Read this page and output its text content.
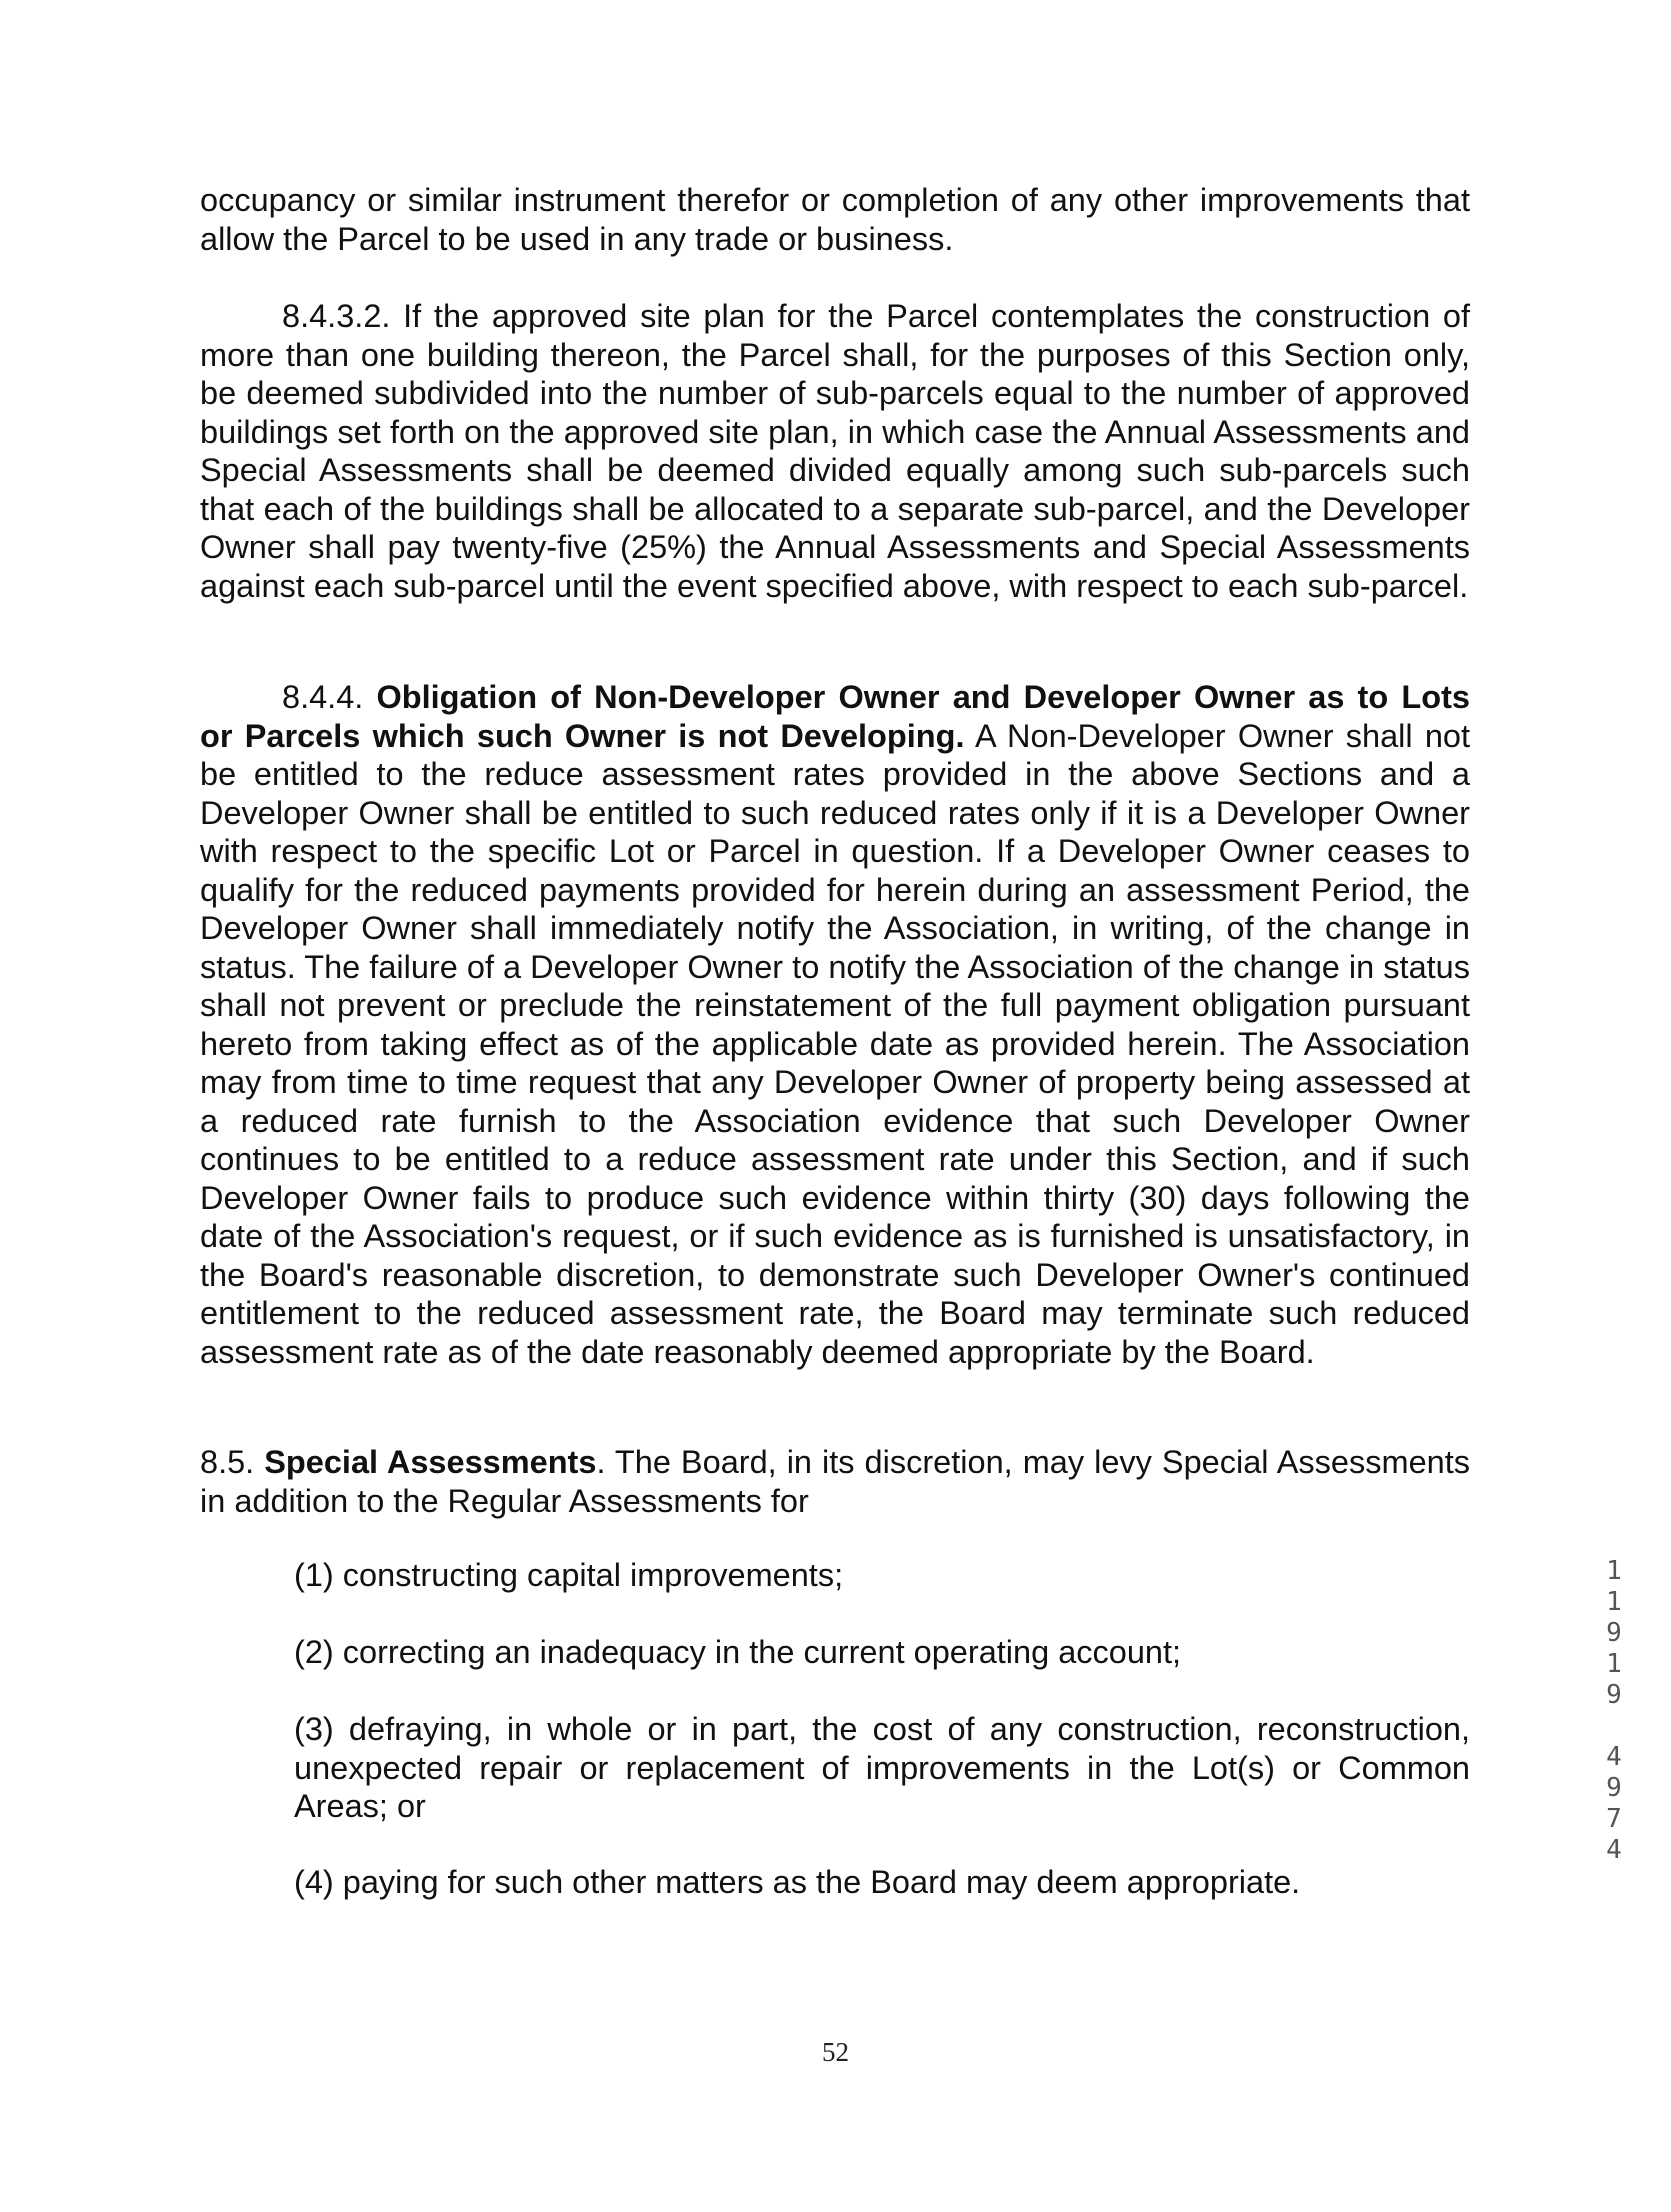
occupancy or similar instrument therefor or completion of any other improvements that allow the Parcel to be used in any trade or business.

8.4.3.2. If the approved site plan for the Parcel contemplates the construction of more than one building thereon, the Parcel shall, for the purposes of this Section only, be deemed subdivided into the number of sub-parcels equal to the number of approved buildings set forth on the approved site plan, in which case the Annual Assessments and Special Assessments shall be deemed divided equally among such sub-parcels such that each of the buildings shall be allocated to a separate sub-parcel, and the Developer Owner shall pay twenty-five (25%) the Annual Assessments and Special Assessments against each sub-parcel until the event specified above, with respect to each sub-parcel.

8.4.4. Obligation of Non-Developer Owner and Developer Owner as to Lots or Parcels which such Owner is not Developing. A Non-Developer Owner shall not be entitled to the reduce assessment rates provided in the above Sections and a Developer Owner shall be entitled to such reduced rates only if it is a Developer Owner with respect to the specific Lot or Parcel in question. If a Developer Owner ceases to qualify for the reduced payments provided for herein during an assessment Period, the Developer Owner shall immediately notify the Association, in writing, of the change in status. The failure of a Developer Owner to notify the Association of the change in status shall not prevent or preclude the reinstatement of the full payment obligation pursuant hereto from taking effect as of the applicable date as provided herein. The Association may from time to time request that any Developer Owner of property being assessed at a reduced rate furnish to the Association evidence that such Developer Owner continues to be entitled to a reduce assessment rate under this Section, and if such Developer Owner fails to produce such evidence within thirty (30) days following the date of the Association's request, or if such evidence as is furnished is unsatisfactory, in the Board's reasonable discretion, to demonstrate such Developer Owner's continued entitlement to the reduced assessment rate, the Board may terminate such reduced assessment rate as of the date reasonably deemed appropriate by the Board.

8.5. Special Assessments. The Board, in its discretion, may levy Special Assessments in addition to the Regular Assessments for

(1) constructing capital improvements;

(2) correcting an inadequacy in the current operating account;

(3) defraying, in whole or in part, the cost of any construction, reconstruction, unexpected repair or replacement of improvements in the Lot(s) or Common Areas; or

(4) paying for such other matters as the Board may deem appropriate.

1
1
9
1
9

4
9
7
4
52
